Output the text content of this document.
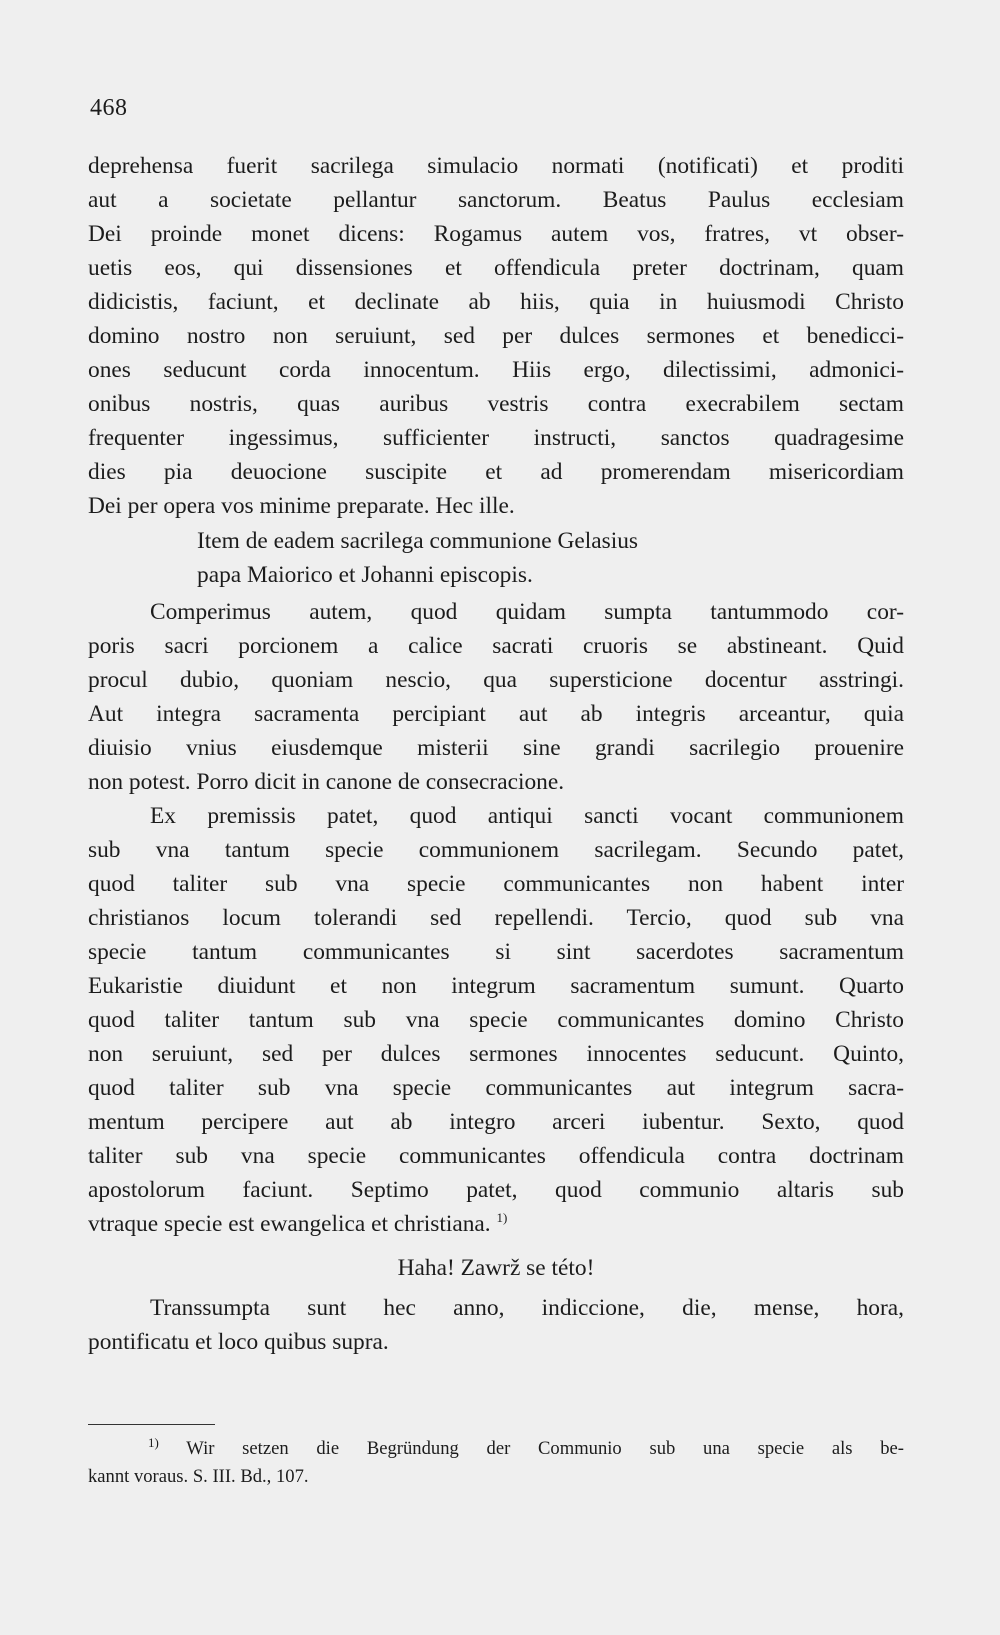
468
deprehensa fuerit sacrilega simulacio normati (notificati) et proditi
aut a societate pellantur sanctorum. Beatus Paulus ecclesiam
Dei proinde monet dicens: Rogamus autem vos, fratres, vt obser-
uetis eos, qui dissensiones et offendicula preter doctrinam, quam
didicistis, faciunt, et declinate ab hiis, quia in huiusmodi Christo
domino nostro non seruiunt, sed per dulces sermones et benedicci-
ones seducunt corda innocentum. Hiis ergo, dilectissimi, admonici-
onibus nostris, quas auribus vestris contra execrabilem sectam
frequenter ingessimus, sufficienter instructi, sanctos quadragesime
dies pia deuocione suscipite et ad promerendam misericordiam
Dei per opera vos minime preparate. Hec ille.
Item de eadem sacrilega communione Gelasius
papa Maiorico et Johanni episcopis.
Comperimus autem, quod quidam sumpta tantummodo cor-
poris sacri porcionem a calice sacrati cruoris se abstineant. Quid
procul dubio, quoniam nescio, qua supersticione docentur asstringi.
Aut integra sacramenta percipiant aut ab integris arceantur, quia
diuisio vnius eiusdemque misterii sine grandi sacrilegio prouenire
non potest. Porro dicit in canone de consecracione.
Ex premissis patet, quod antiqui sancti vocant communionem
sub vna tantum specie communionem sacrilegam. Secundo patet,
quod taliter sub vna specie communicantes non habent inter
christianos locum tolerandi sed repellendi. Tercio, quod sub vna
specie tantum communicantes si sint sacerdotes sacramentum
Eukaristie diuidunt et non integrum sacramentum sumunt. Quarto
quod taliter tantum sub vna specie communicantes domino Christo
non seruiunt, sed per dulces sermones innocentes seducunt. Quinto,
quod taliter sub vna specie communicantes aut integrum sacra-
mentum percipere aut ab integro arceri iubentur. Sexto, quod
taliter sub vna specie communicantes offendicula contra doctrinam
apostolorum faciunt. Septimo patet, quod communio altaris sub
vtraque specie est ewangelica et christiana. $^{1)}$
Haha! Zawrž se této!
Transsumpta sunt hec anno, indiccione, die, mense, hora,
pontificatu et loco quibus supra.
$^{1)}$ Wir setzen die Begründung der Communio sub una specie als be-
kannt voraus. S. III. Bd., 107.
